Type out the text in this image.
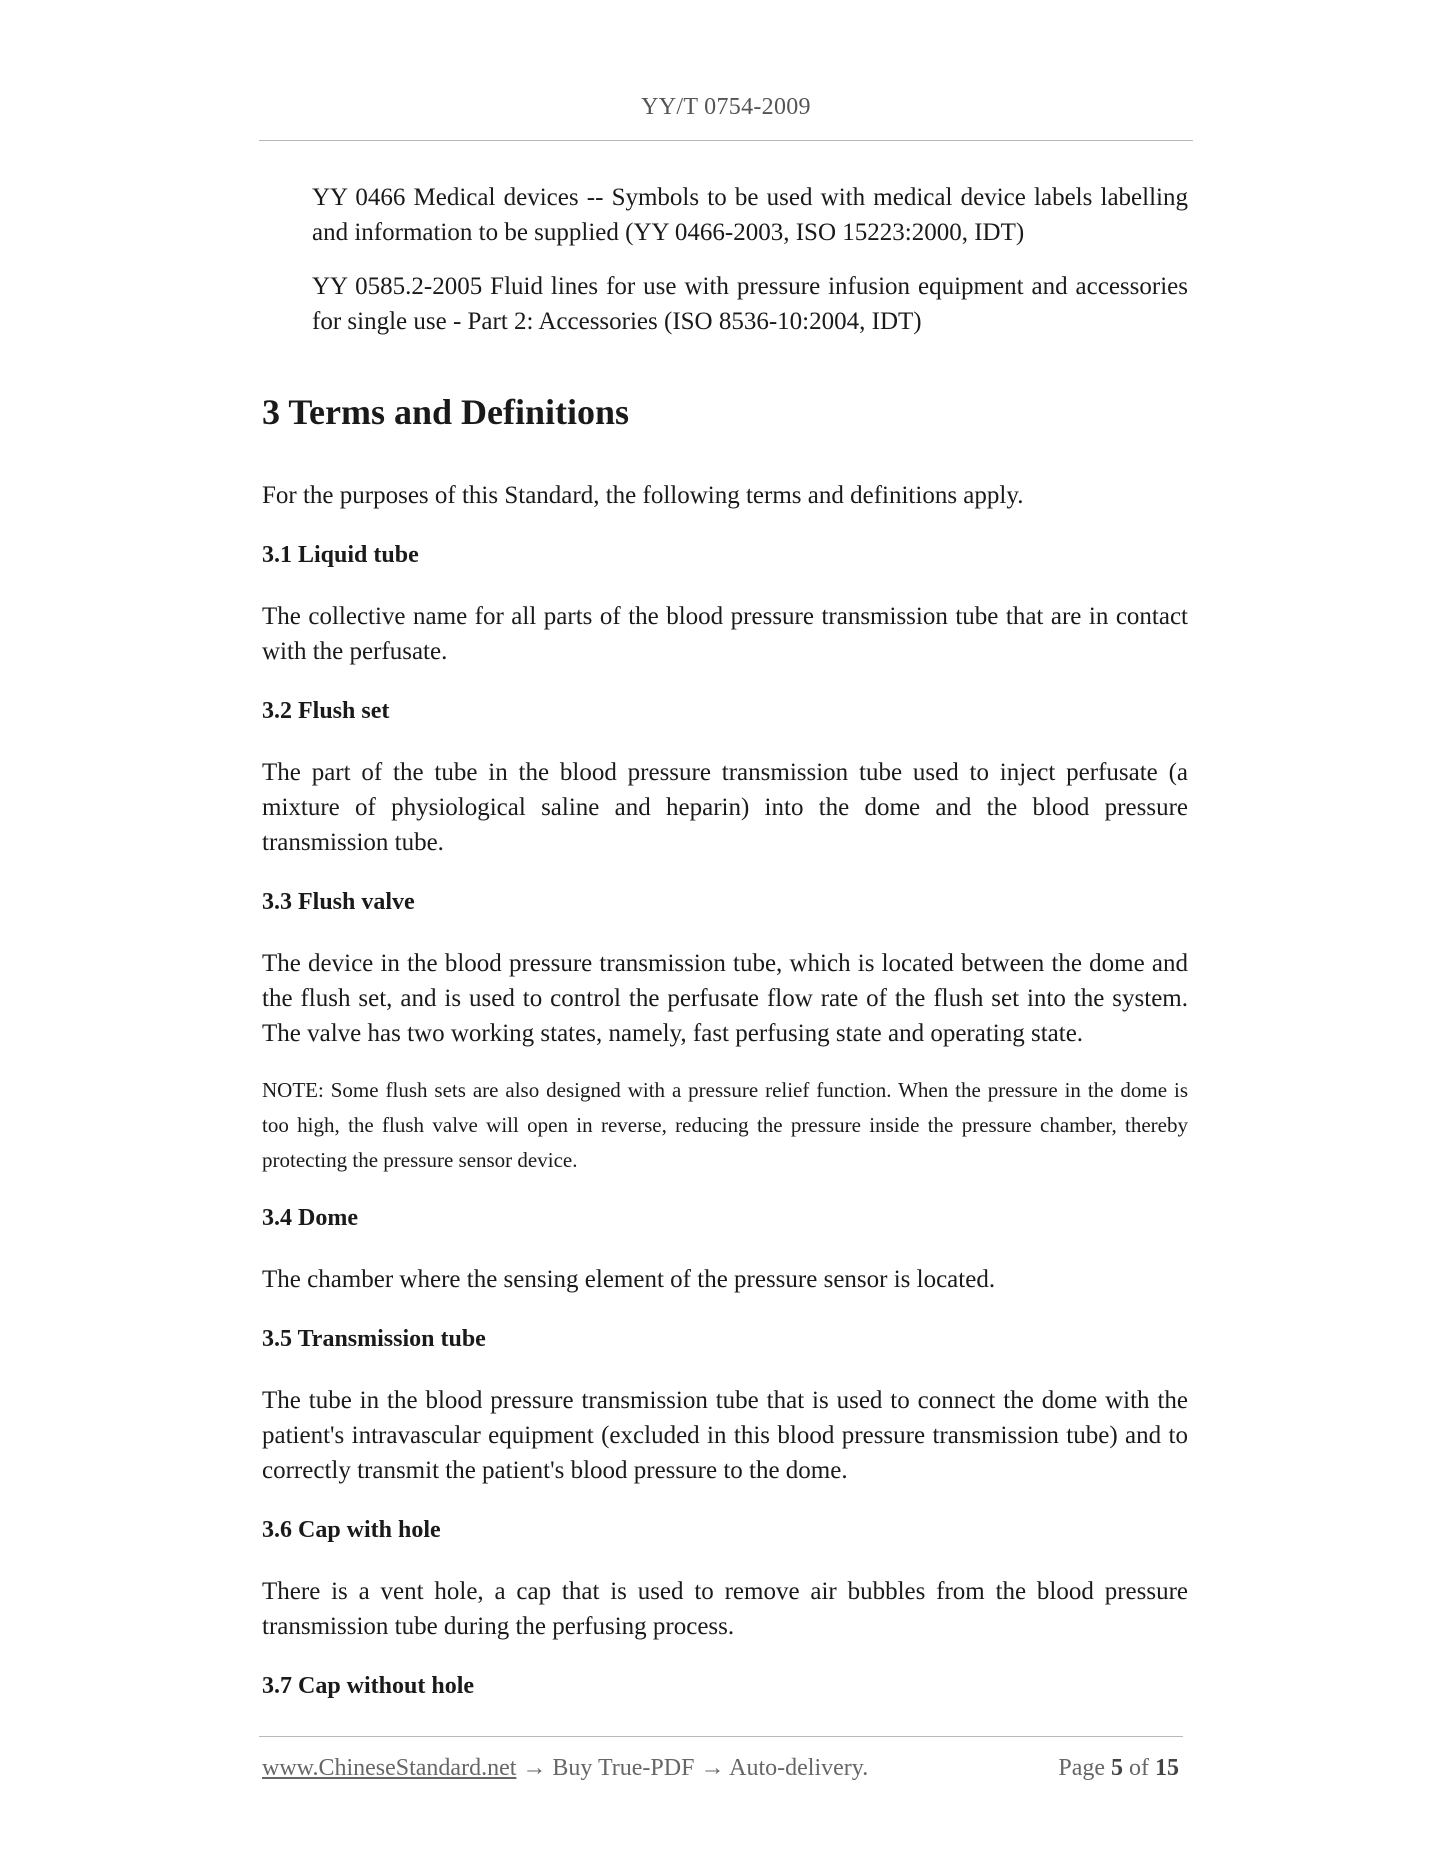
YY/T 0754-2009

YY 0466 Medical devices -- Symbols to be used with medical device labels labelling and information to be supplied (YY 0466-2003, ISO 15223:2000, IDT)

YY 0585.2-2005 Fluid lines for use with pressure infusion equipment and accessories for single use - Part 2: Accessories (ISO 8536-10:2004, IDT)

3 Terms and Definitions

For the purposes of this Standard, the following terms and definitions apply.

3.1 Liquid tube

The collective name for all parts of the blood pressure transmission tube that are in contact with the perfusate.

3.2 Flush set

The part of the tube in the blood pressure transmission tube used to inject perfusate (a mixture of physiological saline and heparin) into the dome and the blood pressure transmission tube.

3.3 Flush valve

The device in the blood pressure transmission tube, which is located between the dome and the flush set, and is used to control the perfusate flow rate of the flush set into the system. The valve has two working states, namely, fast perfusing state and operating state.

NOTE: Some flush sets are also designed with a pressure relief function. When the pressure in the dome is too high, the flush valve will open in reverse, reducing the pressure inside the pressure chamber, thereby protecting the pressure sensor device.

3.4 Dome

The chamber where the sensing element of the pressure sensor is located.

3.5 Transmission tube

The tube in the blood pressure transmission tube that is used to connect the dome with the patient's intravascular equipment (excluded in this blood pressure transmission tube) and to correctly transmit the patient's blood pressure to the dome.

3.6 Cap with hole

There is a vent hole, a cap that is used to remove air bubbles from the blood pressure transmission tube during the perfusing process.

3.7 Cap without hole
www.ChineseStandard.net → Buy True-PDF → Auto-delivery.	Page 5 of 15
